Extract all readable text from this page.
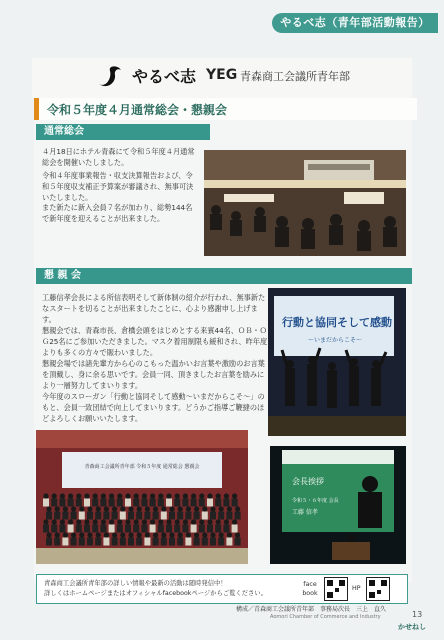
やるべ志（青年部活動報告）
やるべ志 YEG 青森商工会議所青年部
令和５年度４月通常総会・懇親会
通常総会
４月18日にホテル青森にて令和５年度４月通常総会を開催いたしました。
令和４年度事業報告・収支決算報告および、令和５年度収支補正予算案が審議され、無事可決いたしました。
また新たに新入会員７名が加わり、総勢144名で新年度を迎えることが出来ました。
懇 親 会
工藤信孝会長による所信表明そして新体制の紹介が行われ、無事新たなスタートを切ることが出来ましたことに、心より感謝申し上げます。
懇親会では、青森市長、倉橋会頭をはじめとする来賓44名、ＯＢ・ＯＧ25名にご参加いただきました。マスク着用制限も緩和され、昨年度よりも多くの方々で賑わいました。
懇親会場では諸先輩方から心のこもった温かいお言葉や激励のお言葉を頂戴し、身に余る思いです。会員一同、頂きましたお言葉を励みにより一層努力してまいります。
今年度のスローガン「行動と協同そして感動～いまだからこそ～」のもと、会員一致団結で向上してまいります。どうかご指導ご鞭撻のほどよろしくお願いいたします。
行動と協同そして感動
～いまだからこそ～
青森商工会議所青年部 令和５年度 通常総会 懇親会
会長挨拶
令和５・６年度 会長
工藤 信孝
青森商工会議所青年部の詳しい情報や最新の活動は随時発信中！
詳しくはホームページまたはオフィシャルfacebookページからご覧ください。
face book
HP
構成／青森商工会議所青年部　事務局次長　三上　直久
Aomori Chamber of Commerce and Industry	13
かせねし
